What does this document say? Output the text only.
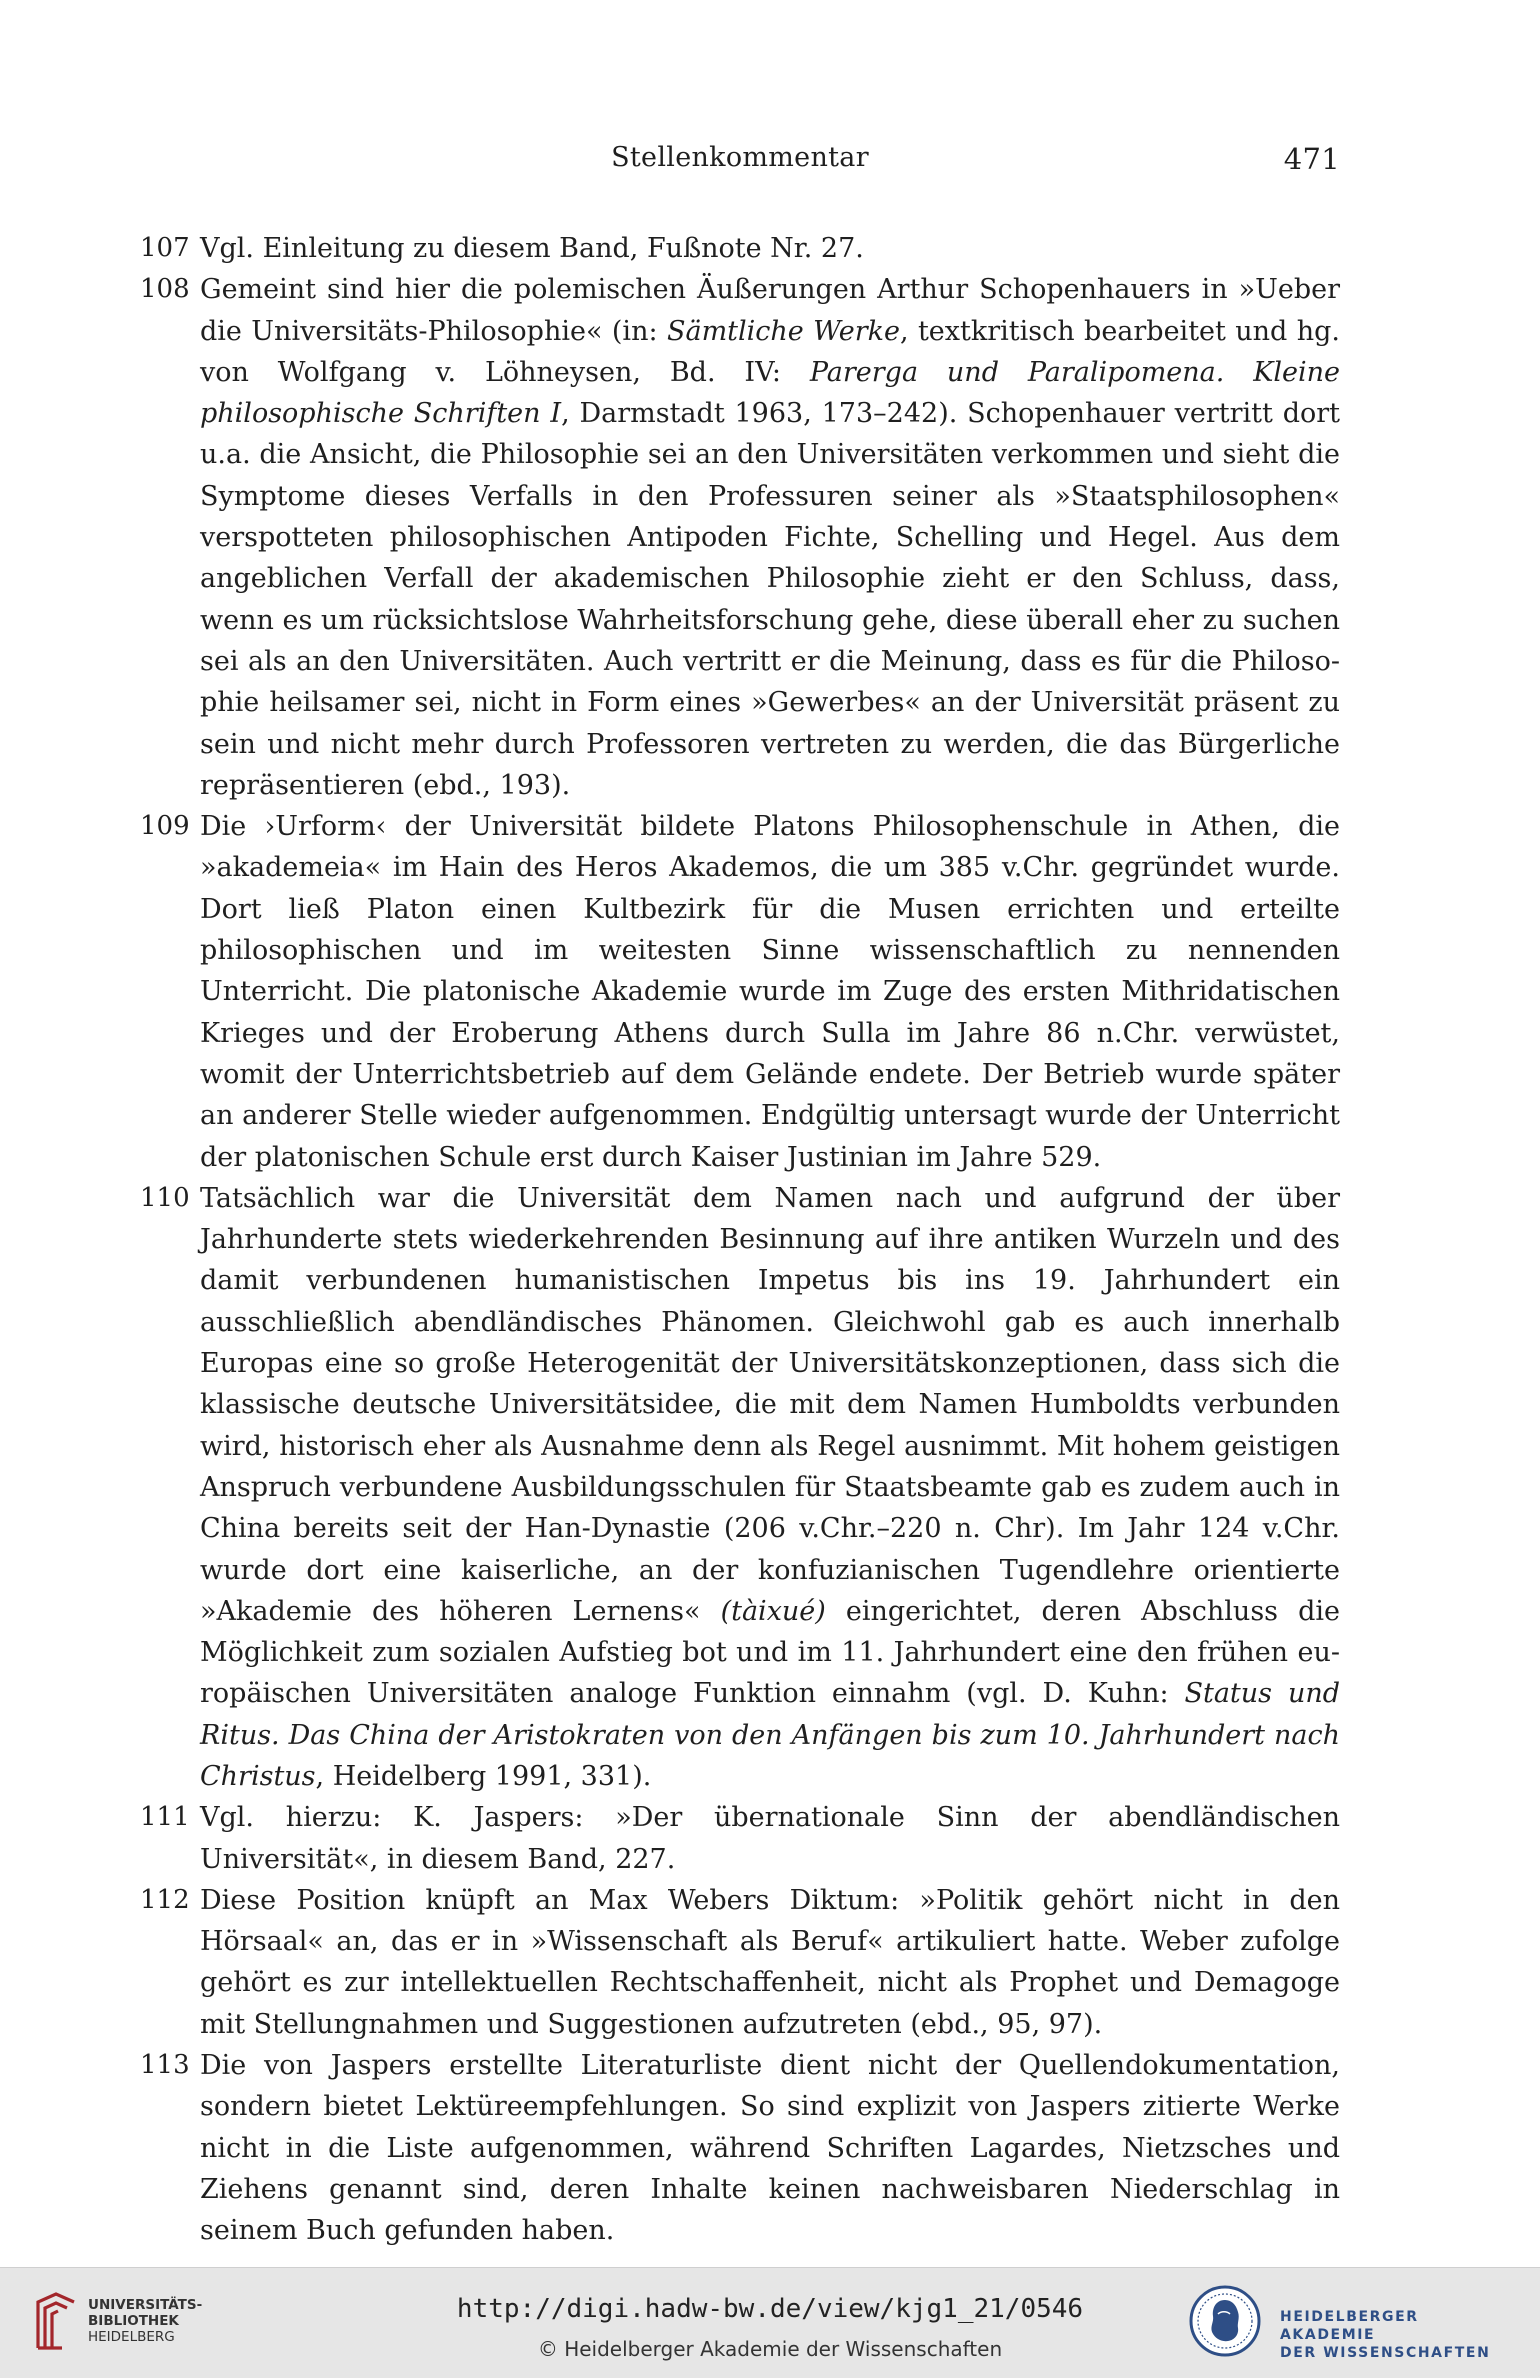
Stellenkommentar	471

107 Vgl. Einleitung zu diesem Band, Fußnote Nr. 27.

108 Gemeint sind hier die polemischen Äußerungen Arthur Schopenhauers in »Ueber die Universitäts-Philosophie« (in: Sämtliche Werke, textkritisch bearbeitet und hg. von Wolfgang v. Löhneysen, Bd. IV: Parerga und Paralipomena. Kleine philosophische Schriften I, Darmstadt 1963, 173–242). Schopenhauer vertritt dort u.a. die Ansicht, die Philosophie sei an den Universitäten verkommen und sieht die Symptome dieses Verfalls in den Professuren seiner als »Staatsphilosophen« verspotteten philosophischen Antipoden Fichte, Schelling und Hegel. Aus dem angeblichen Verfall der akademischen Philosophie zieht er den Schluss, dass, wenn es um rücksichtslose Wahrheitsforschung gehe, diese überall eher zu suchen sei als an den Universitäten. Auch vertritt er die Meinung, dass es für die Philosophie heilsamer sei, nicht in Form eines »Gewerbes« an der Universität präsent zu sein und nicht mehr durch Professoren vertreten zu werden, die das Bürgerliche repräsentieren (ebd., 193).

109 Die ›Urform‹ der Universität bildete Platons Philosophenschule in Athen, die »akademeia« im Hain des Heros Akademos, die um 385 v.Chr. gegründet wurde. Dort ließ Platon einen Kultbezirk für die Musen errichten und erteilte philosophischen und im weitesten Sinne wissenschaftlich zu nennenden Unterricht. Die platonische Akademie wurde im Zuge des ersten Mithridatischen Krieges und der Eroberung Athens durch Sulla im Jahre 86 n.Chr. verwüstet, womit der Unterrichtsbetrieb auf dem Gelände endete. Der Betrieb wurde später an anderer Stelle wieder aufgenommen. Endgültig untersagt wurde der Unterricht der platonischen Schule erst durch Kaiser Justinian im Jahre 529.

110 Tatsächlich war die Universität dem Namen nach und aufgrund der über Jahrhunderte stets wiederkehrenden Besinnung auf ihre antiken Wurzeln und des damit verbundenen humanistischen Impetus bis ins 19. Jahrhundert ein ausschließlich abendländisches Phänomen. Gleichwohl gab es auch innerhalb Europas eine so große Heterogenität der Universitätskonzeptionen, dass sich die klassische deutsche Universitätsidee, die mit dem Namen Humboldts verbunden wird, historisch eher als Ausnahme denn als Regel ausnimmt. Mit hohem geistigen Anspruch verbundene Ausbildungsschulen für Staatsbeamte gab es zudem auch in China bereits seit der Han-Dynastie (206 v.Chr.–220 n. Chr). Im Jahr 124 v.Chr. wurde dort eine kaiserliche, an der konfuzianischen Tugendlehre orientierte »Akademie des höheren Lernens« (tàixué) eingerichtet, deren Abschluss die Möglichkeit zum sozialen Aufstieg bot und im 11. Jahrhundert eine den frühen europäischen Universitäten analoge Funktion einnahm (vgl. D. Kuhn: Status und Ritus. Das China der Aristokraten von den Anfängen bis zum 10. Jahrhundert nach Christus, Heidelberg 1991, 331).

111 Vgl. hierzu: K. Jaspers: »Der übernationale Sinn der abendländischen Universität«, in diesem Band, 227.

112 Diese Position knüpft an Max Webers Diktum: »Politik gehört nicht in den Hörsaal« an, das er in »Wissenschaft als Beruf« artikuliert hatte. Weber zufolge gehört es zur intellektuellen Rechtschaffenheit, nicht als Prophet und Demagoge mit Stellungnahmen und Suggestionen aufzutreten (ebd., 95, 97).

113 Die von Jaspers erstellte Literaturliste dient nicht der Quellendokumentation, sondern bietet Lektüreempfehlungen. So sind explizit von Jaspers zitierte Werke nicht in die Liste aufgenommen, während Schriften Lagardes, Nietzsches und Ziehens genannt sind, deren Inhalte keinen nachweisbaren Niederschlag in seinem Buch gefunden haben.

UNIVERSITÄTS-
BIBLIOTHEK
HEIDELBERG
http://digi.hadw-bw.de/view/kjg1_21/0546
© Heidelberger Akademie der Wissenschaften
HEIDELBERGER AKADEMIE
DER WISSENSCHAFTEN
